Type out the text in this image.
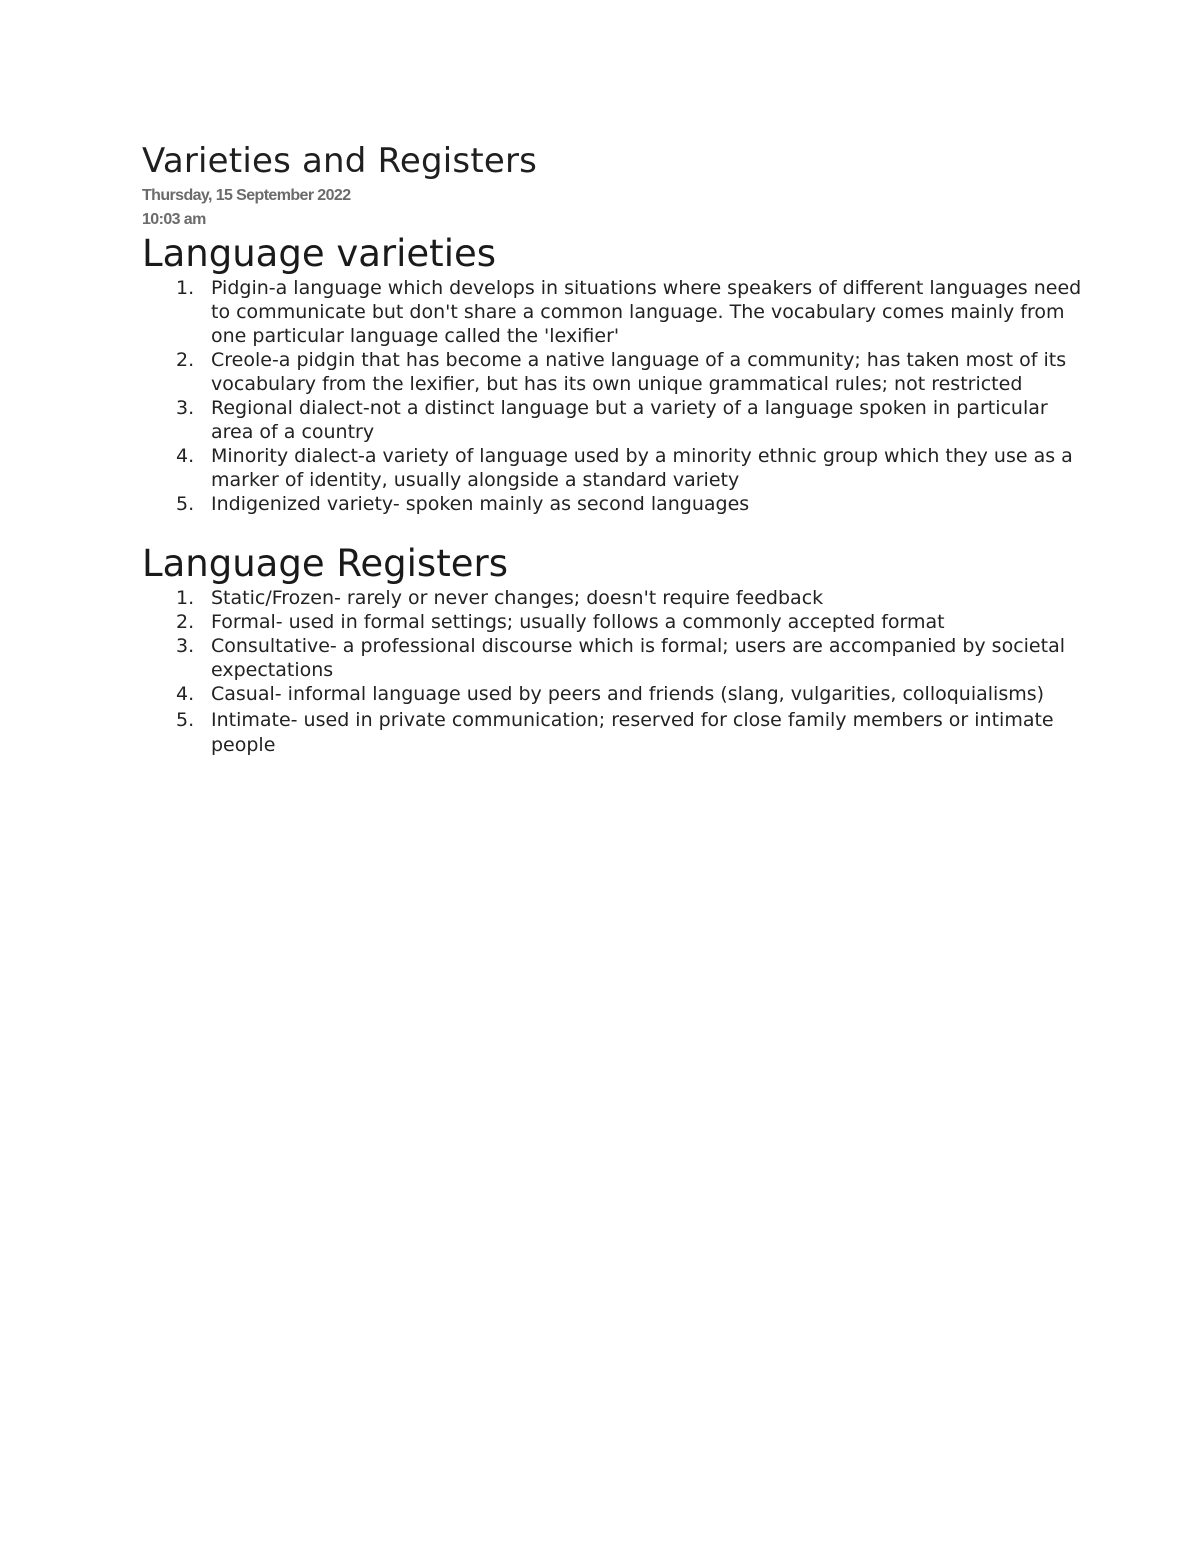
Varieties and Registers

Thursday, 15 September 2022

10:03 am

Language varieties
1. Pidgin-a language which develops in situations where speakers of different languages need to communicate but don't share a common language. The vocabulary comes mainly from one particular language called the 'lexifier'
2. Creole-a pidgin that has become a native language of a community; has taken most of its vocabulary from the lexifier, but has its own unique grammatical rules; not restricted
3. Regional dialect-not a distinct language but a variety of a language spoken in particular area of a country
4. Minority dialect-a variety of language used by a minority ethnic group which they use as a marker of identity, usually alongside a standard variety
5. Indigenized variety- spoken mainly as second languages
Language Registers
1. Static/Frozen- rarely or never changes; doesn't require feedback
2. Formal- used in formal settings; usually follows a commonly accepted format
3. Consultative- a professional discourse which is formal; users are accompanied by societal expectations
4. Casual- informal language used by peers and friends (slang, vulgarities, colloquialisms)
5. Intimate- used in private communication; reserved for close family members or intimate people
